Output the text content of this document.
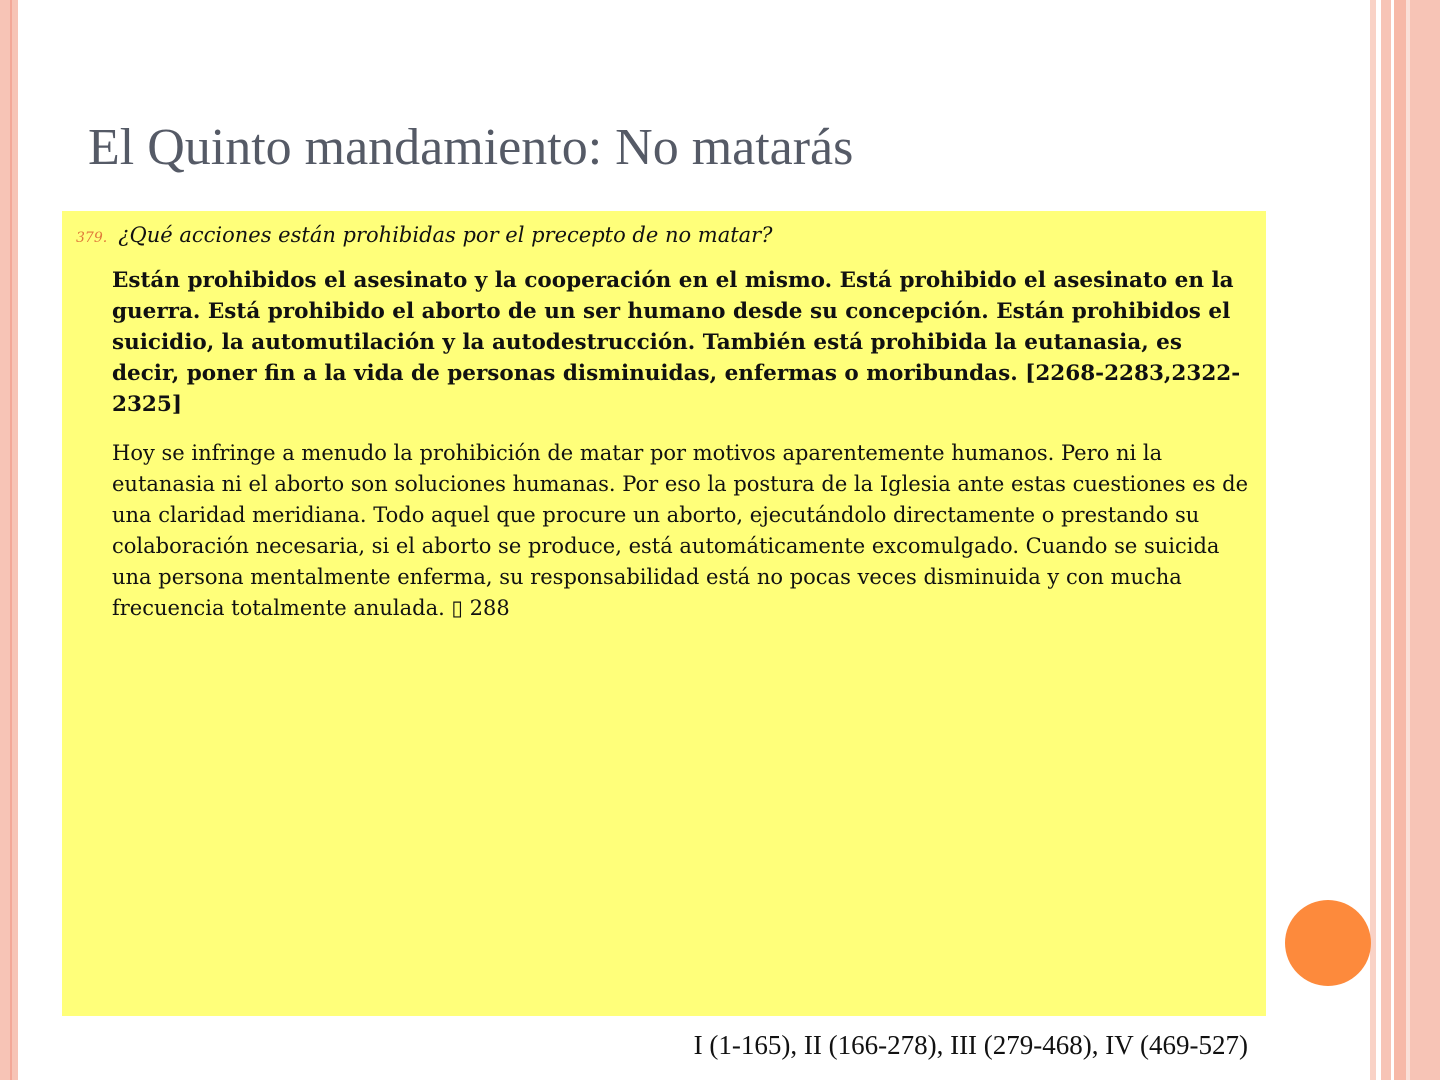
El Quinto mandamiento: No matarás
379. ¿Qué acciones están prohibidas por el precepto de no matar?

Están prohibidos el asesinato y la cooperación en el mismo. Está prohibido el asesinato en la guerra. Está prohibido el aborto de un ser humano desde su concepción. Están prohibidos el suicidio, la automutilación y la autodestrucción. También está prohibida la eutanasia, es decir, poner fin a la vida de personas disminuidas, enfermas o moribundas. [2268-2283,2322-2325]

Hoy se infringe a menudo la prohibición de matar por motivos aparentemente humanos. Pero ni la eutanasia ni el aborto son soluciones humanas. Por eso la postura de la Iglesia ante estas cuestiones es de una claridad meridiana. Todo aquel que procure un aborto, ejecutándolo directamente o prestando su colaboración necesaria, si el aborto se produce, está automáticamente excomulgado. Cuando se suicida una persona mentalmente enferma, su responsabilidad está no pocas veces disminuida y con mucha frecuencia totalmente anulada. ▯ 288

I (1-165), II (166-278), III (279-468), IV (469-527)
